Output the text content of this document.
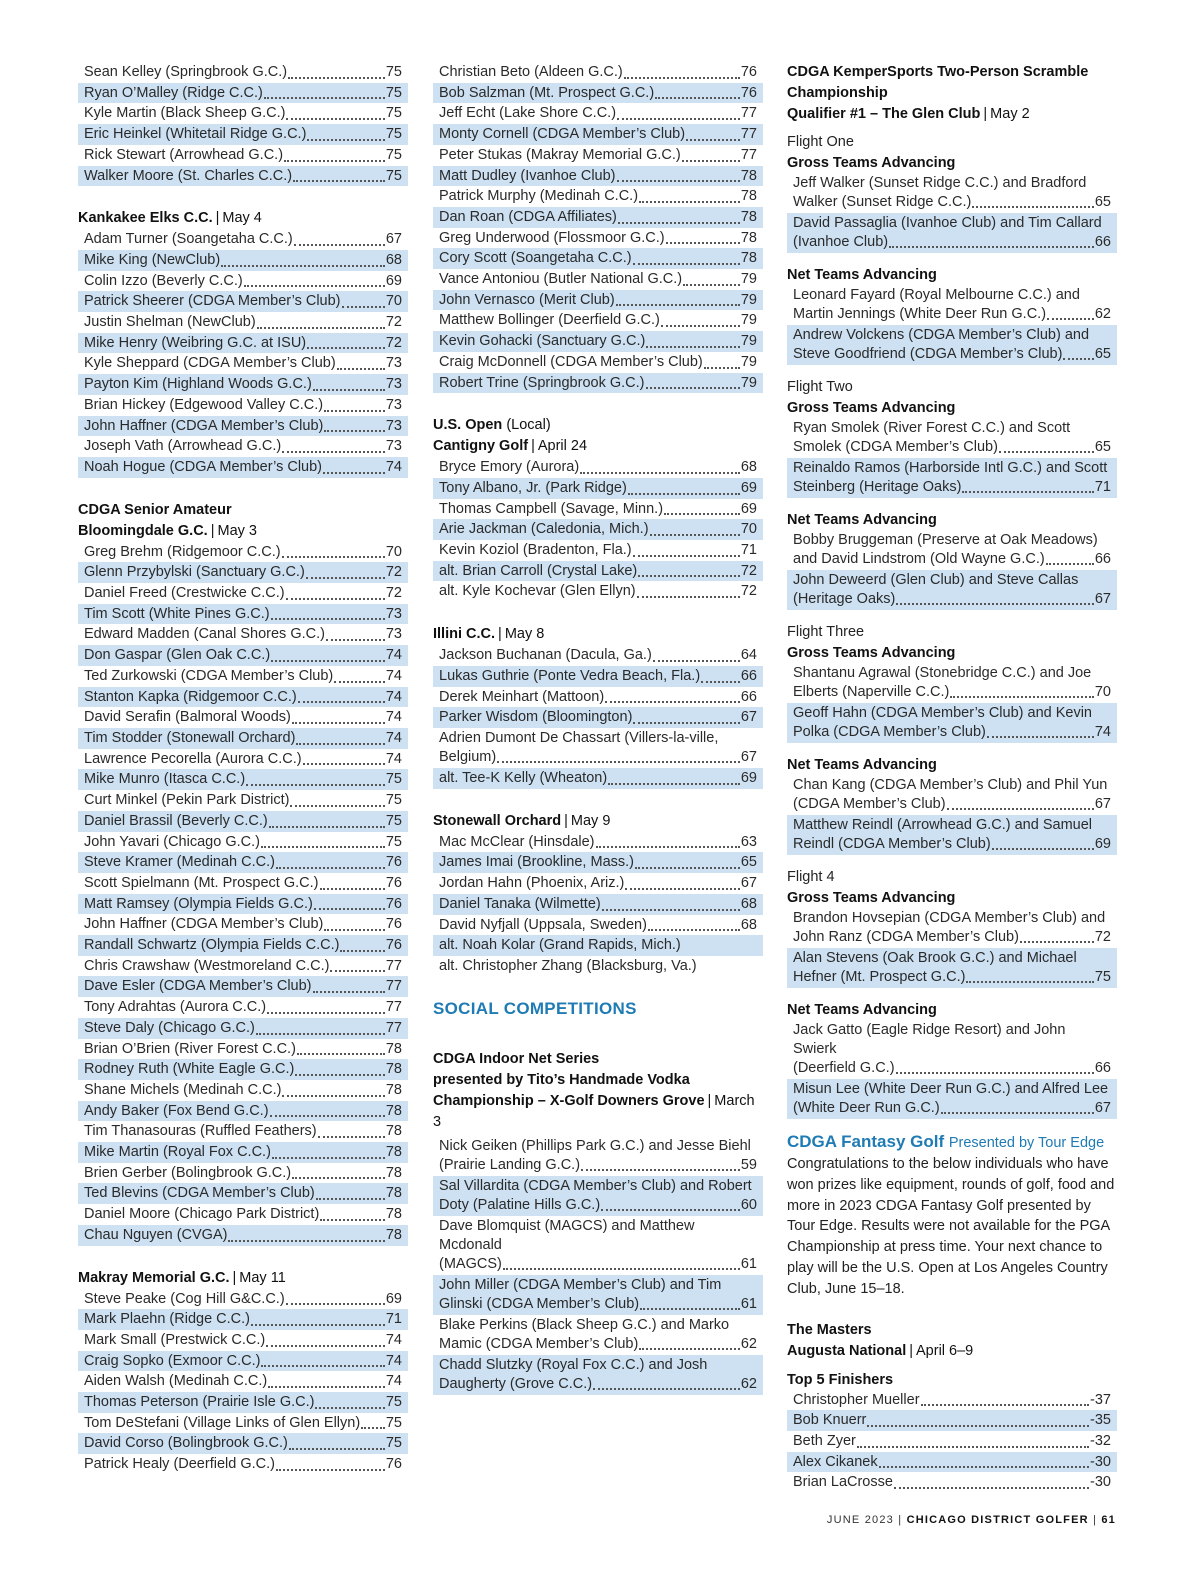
Sean Kelley (Springbrook G.C.)	75
Ryan O’Malley (Ridge C.C.)	75
Kyle Martin (Black Sheep G.C.)	75
Eric Heinkel (Whitetail Ridge G.C.)	75
Rick Stewart (Arrowhead G.C.)	75
Walker Moore (St. Charles C.C.)	75
Kankakee Elks C.C. | May 4
Adam Turner (Soangetaha C.C.)	67
Mike King (NewClub)	68
Colin Izzo (Beverly C.C.)	69
Patrick Sheerer (CDGA Member’s Club)	70
Justin Shelman (NewClub)	72
Mike Henry (Weibring G.C. at ISU)	72
Kyle Sheppard (CDGA Member’s Club)	73
Payton Kim (Highland Woods G.C.)	73
Brian Hickey (Edgewood Valley C.C.)	73
John Haffner (CDGA Member’s Club)	73
Joseph Vath (Arrowhead G.C.)	73
Noah Hogue (CDGA Member’s Club)	74
CDGA Senior Amateur
Bloomingdale G.C. | May 3
Greg Brehm (Ridgemoor C.C.)	70
Glenn Przybylski (Sanctuary G.C.)	72
Daniel Freed (Crestwicke C.C.)	72
Tim Scott (White Pines G.C.)	73
Edward Madden (Canal Shores G.C.)	73
Don Gaspar (Glen Oak C.C.)	74
Ted Zurkowski (CDGA Member’s Club)	74
Stanton Kapka (Ridgemoor C.C.)	74
David Serafin (Balmoral Woods)	74
Tim Stodder (Stonewall Orchard)	74
Lawrence Pecorella (Aurora C.C.)	74
Mike Munro (Itasca C.C.)	75
Curt Minkel (Pekin Park District)	75
Daniel Brassil (Beverly C.C.)	75
John Yavari (Chicago G.C.)	75
Steve Kramer (Medinah C.C.)	76
Scott Spielmann (Mt. Prospect G.C.)	76
Matt Ramsey (Olympia Fields G.C.)	76
John Haffner (CDGA Member’s Club)	76
Randall Schwartz (Olympia Fields C.C.)	76
Chris Crawshaw (Westmoreland C.C.)	77
Dave Esler (CDGA Member’s Club)	77
Tony Adrahtas (Aurora C.C.)	77
Steve Daly (Chicago G.C.)	77
Brian O’Brien (River Forest C.C.)	78
Rodney Ruth (White Eagle G.C.)	78
Shane Michels (Medinah C.C.)	78
Andy Baker (Fox Bend G.C.)	78
Tim Thanasouras (Ruffled Feathers)	78
Mike Martin (Royal Fox C.C.)	78
Brien Gerber (Bolingbrook G.C.)	78
Ted Blevins (CDGA Member’s Club)	78
Daniel Moore (Chicago Park District)	78
Chau Nguyen (CVGA)	78
Makray Memorial G.C. | May 11
Steve Peake (Cog Hill G&C.C.)	69
Mark Plaehn (Ridge C.C.)	71
Mark Small (Prestwick C.C.)	74
Craig Sopko (Exmoor C.C.)	74
Aiden Walsh (Medinah C.C.)	74
Thomas Peterson (Prairie Isle G.C.)	75
Tom DeStefani (Village Links of Glen Ellyn) 75
David Corso (Bolingbrook G.C.)	75
Patrick Healy (Deerfield G.C.)	76
Christian Beto (Aldeen G.C.)	76
Bob Salzman (Mt. Prospect G.C.)	76
Jeff Echt (Lake Shore C.C.)	77
Monty Cornell (CDGA Member’s Club)	77
Peter Stukas (Makray Memorial G.C.)	77
Matt Dudley (Ivanhoe Club)	78
Patrick Murphy (Medinah C.C.)	78
Dan Roan (CDGA Affiliates)	78
Greg Underwood (Flossmoor G.C.)	78
Cory Scott (Soangetaha C.C.)	78
Vance Antoniou (Butler National G.C.)	79
John Vernasco (Merit Club)	79
Matthew Bollinger (Deerfield G.C.)	79
Kevin Gohacki (Sanctuary G.C.)	79
Craig McDonnell (CDGA Member’s Club)	79
Robert Trine (Springbrook G.C.)	79
U.S. Open (Local)
Cantigny Golf | April 24
Bryce Emory (Aurora)	68
Tony Albano, Jr. (Park Ridge)	69
Thomas Campbell (Savage, Minn.)	69
Arie Jackman (Caledonia, Mich.)	70
Kevin Koziol (Bradenton, Fla.)	71
alt. Brian Carroll (Crystal Lake)	72
alt. Kyle Kochevar (Glen Ellyn)	72
Illini C.C. | May 8
Jackson Buchanan (Dacula, Ga.)	64
Lukas Guthrie (Ponte Vedra Beach, Fla.)	66
Derek Meinhart (Mattoon)	66
Parker Wisdom (Bloomington)	67
Adrien Dumont De Chassart (Villers-la-ville,
Belgium)	67
alt. Tee-K Kelly (Wheaton)	69
Stonewall Orchard | May 9
Mac McClear (Hinsdale)	63
James Imai (Brookline, Mass.)	65
Jordan Hahn (Phoenix, Ariz.)	67
Daniel Tanaka (Wilmette)	68
David Nyfjall (Uppsala, Sweden)	68
alt. Noah Kolar (Grand Rapids, Mich.)
alt. Christopher Zhang (Blacksburg, Va.)
SOCIAL COMPETITIONS
CDGA Indoor Net Series
presented by Tito’s Handmade Vodka
Championship – X-Golf Downers Grove | March 3
Nick Geiken (Phillips Park G.C.) and Jesse Biehl
(Prairie Landing G.C.)	59
Sal Villardita (CDGA Member’s Club) and Robert
Doty (Palatine Hills G.C.)	60
Dave Blomquist (MAGCS) and Matthew Mcdonald
(MAGCS)	61
John Miller (CDGA Member’s Club) and Tim
Glinski (CDGA Member’s Club)	61
Blake Perkins (Black Sheep G.C.) and Marko
Mamic (CDGA Member’s Club)	62
Chadd Slutzky (Royal Fox C.C.) and Josh
Daugherty (Grove C.C.)	62
CDGA KemperSports Two-Person Scramble
Championship
Qualifier #1 – The Glen Club | May 2
Flight One
Gross Teams Advancing
Jeff Walker (Sunset Ridge C.C.) and Bradford
Walker (Sunset Ridge C.C.)	65
David Passaglia (Ivanhoe Club) and Tim Callard
(Ivanhoe Club)	66
Net Teams Advancing
Leonard Fayard (Royal Melbourne C.C.) and
Martin Jennings (White Deer Run G.C.)	62
Andrew Volckens (CDGA Member’s Club) and
Steve Goodfriend (CDGA Member’s Club) 65
Flight Two
Gross Teams Advancing
Ryan Smolek (River Forest C.C.) and Scott
Smolek (CDGA Member’s Club)	65
Reinaldo Ramos (Harborside Intl G.C.) and Scott
Steinberg (Heritage Oaks)	71
Net Teams Advancing
Bobby Bruggeman (Preserve at Oak Meadows)
and David Lindstrom (Old Wayne G.C.)	66
John Deweerd (Glen Club) and Steve Callas
(Heritage Oaks)	67
Flight Three
Gross Teams Advancing
Shantanu Agrawal (Stonebridge C.C.) and Joe
Elberts (Naperville C.C.)	70
Geoff Hahn (CDGA Member’s Club) and Kevin
Polka (CDGA Member’s Club)	74
Net Teams Advancing
Chan Kang (CDGA Member’s Club) and Phil Yun
(CDGA Member’s Club)	67
Matthew Reindl (Arrowhead G.C.) and Samuel
Reindl (CDGA Member’s Club)	69
Flight 4
Gross Teams Advancing
Brandon Hovsepian (CDGA Member’s Club) and
John Ranz (CDGA Member’s Club)	72
Alan Stevens (Oak Brook G.C.) and Michael
Hefner (Mt. Prospect G.C.)	75
Net Teams Advancing
Jack Gatto (Eagle Ridge Resort) and John Swierk
(Deerfield G.C.)	66
Misun Lee (White Deer Run G.C.) and Alfred Lee
(White Deer Run G.C.)	67
CDGA Fantasy Golf Presented by Tour Edge
Congratulations to the below individuals who have won prizes like equipment, rounds of golf, food and more in 2023 CDGA Fantasy Golf presented by Tour Edge. Results were not available for the PGA Championship at press time. Your next chance to play will be the U.S. Open at Los Angeles Country Club, June 15–18.
The Masters
Augusta National | April 6–9
Top 5 Finishers
Christopher Mueller	-37
Bob Knuerr	-35
Beth Zyer	-32
Alex Cikanek	-30
Brian LaCrosse	-30
JUNE 2023 | CHICAGO DISTRICT GOLFER | 61
